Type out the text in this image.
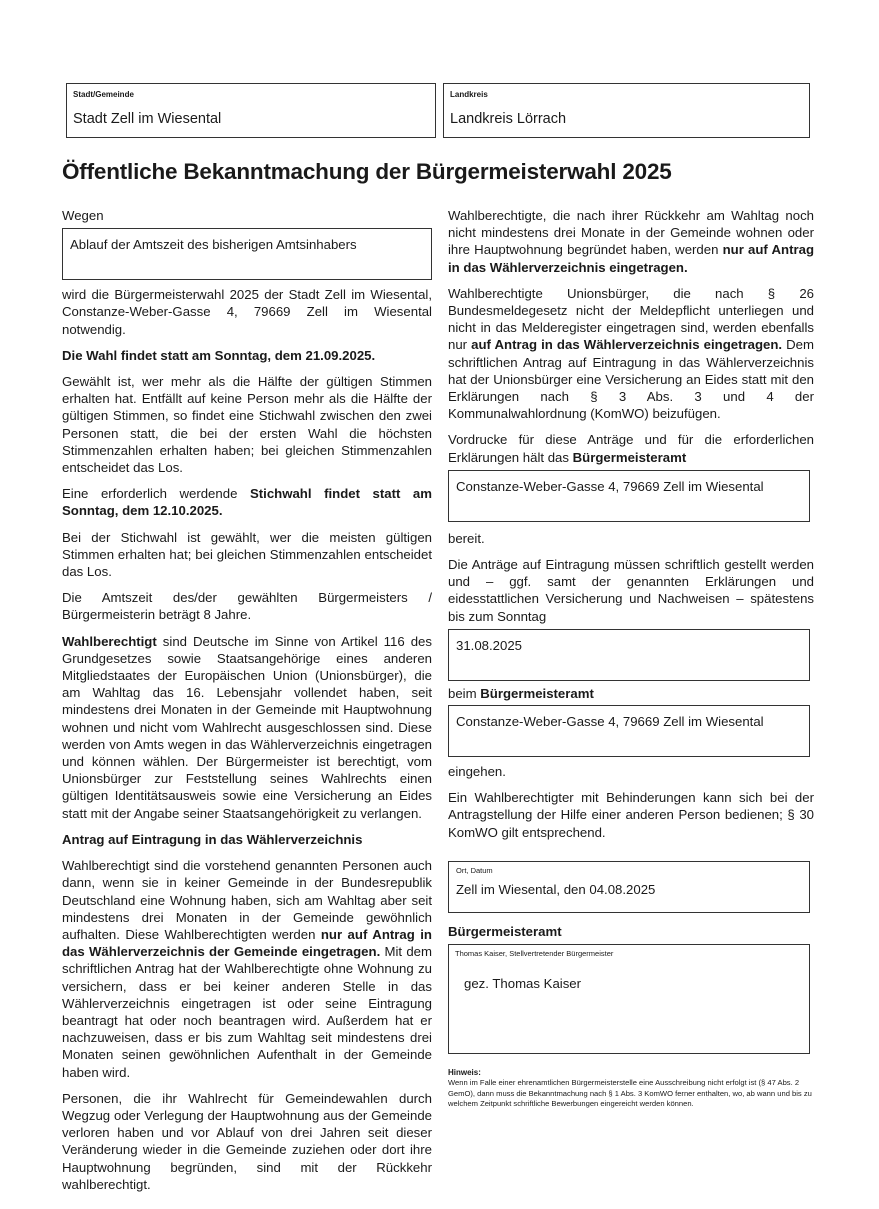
Stadt/Gemeinde
Stadt Zell im Wiesental
Landkreis
Landkreis Lörrach
Öffentliche Bekanntmachung der Bürgermeisterwahl 2025

Wegen

Ablauf der Amtszeit des bisherigen Amtsinhabers

wird die Bürgermeisterwahl 2025 der Stadt Zell im Wiesental, Constanze-Weber-Gasse 4, 79669 Zell im Wiesental notwendig.

Die Wahl findet statt am Sonntag, dem 21.09.2025.

Gewählt ist, wer mehr als die Hälfte der gültigen Stimmen erhalten hat. Entfällt auf keine Person mehr als die Hälfte der gültigen Stimmen, so findet eine Stichwahl zwischen den zwei Personen statt, die bei der ersten Wahl die höchsten Stimmenzahlen erhalten haben; bei gleichen Stimmenzahlen entscheidet das Los.

Eine erforderlich werdende Stichwahl findet statt am Sonntag, dem 12.10.2025.

Bei der Stichwahl ist gewählt, wer die meisten gültigen Stimmen erhalten hat; bei gleichen Stimmenzahlen entscheidet das Los.

Die Amtszeit des/der gewählten Bürgermeisters / Bürgermeisterin beträgt 8 Jahre.

Wahlberechtigt sind Deutsche im Sinne von Artikel 116 des Grundgesetzes sowie Staatsangehörige eines anderen Mitgliedstaates der Europäischen Union (Unionsbürger), die am Wahltag das 16. Lebensjahr vollendet haben, seit mindestens drei Monaten in der Gemeinde mit Hauptwohnung wohnen und nicht vom Wahlrecht ausgeschlossen sind. Diese werden von Amts wegen in das Wählerverzeichnis eingetragen und können wählen. Der Bürgermeister ist berechtigt, vom Unionsbürger zur Feststellung seines Wahlrechts einen gültigen Identitätsausweis sowie eine Versicherung an Eides statt mit der Angabe seiner Staatsangehörigkeit zu verlangen.

Antrag auf Eintragung in das Wählerverzeichnis

Wahlberechtigt sind die vorstehend genannten Personen auch dann, wenn sie in keiner Gemeinde in der Bundesrepublik Deutschland eine Wohnung haben, sich am Wahltag aber seit mindestens drei Monaten in der Gemeinde gewöhnlich aufhalten. Diese Wahlberechtigten werden nur auf Antrag in das Wählerverzeichnis der Gemeinde eingetragen. Mit dem schriftlichen Antrag hat der Wahlberechtigte ohne Wohnung zu versichern, dass er bei keiner anderen Stelle in das Wählerverzeichnis eingetragen ist oder seine Eintragung beantragt hat oder noch beantragen wird. Außerdem hat er nachzuweisen, dass er bis zum Wahltag seit mindestens drei Monaten seinen gewöhnlichen Aufenthalt in der Gemeinde haben wird.

Personen, die ihr Wahlrecht für Gemeindewahlen durch Wegzug oder Verlegung der Hauptwohnung aus der Gemeinde verloren haben und vor Ablauf von drei Jahren seit dieser Veränderung wieder in die Gemeinde zuziehen oder dort ihre Hauptwohnung begründen, sind mit der Rückkehr wahlberechtigt.

Wahlberechtigte, die nach ihrer Rückkehr am Wahltag noch nicht mindestens drei Monate in der Gemeinde wohnen oder ihre Hauptwohnung begründet haben, werden nur auf Antrag in das Wählerverzeichnis eingetragen.

Wahlberechtigte Unionsbürger, die nach § 26 Bundesmeldegesetz nicht der Meldepflicht unterliegen und nicht in das Melderegister eingetragen sind, werden ebenfalls nur auf Antrag in das Wählerverzeichnis eingetragen. Dem schriftlichen Antrag auf Eintragung in das Wählerverzeichnis hat der Unionsbürger eine Versicherung an Eides statt mit den Erklärungen nach § 3 Abs. 3 und 4 der Kommunalwahlordnung (KomWO) beizufügen.

Vordrucke für diese Anträge und für die erforderlichen Erklärungen hält das Bürgermeisteramt

Constanze-Weber-Gasse 4, 79669 Zell im Wiesental

bereit.

Die Anträge auf Eintragung müssen schriftlich gestellt werden und – ggf. samt der genannten Erklärungen und eidesstattlichen Versicherung und Nachweisen – spätestens bis zum Sonntag

31.08.2025

beim Bürgermeisteramt

Constanze-Weber-Gasse 4, 79669 Zell im Wiesental

eingehen.

Ein Wahlberechtigter mit Behinderungen kann sich bei der Antragstellung der Hilfe einer anderen Person bedienen; § 30 KomWO gilt entsprechend.

Ort, Datum
Zell im Wiesental, den 04.08.2025
Bürgermeisteramt
Thomas Kaiser, Stellvertretender Bürgermeister
gez. Thomas Kaiser
Hinweis:
Wenn im Falle einer ehrenamtlichen Bürgermeisterstelle eine Ausschreibung nicht erfolgt ist (§ 47 Abs. 2 GemO), dann muss die Bekanntmachung nach § 1 Abs. 3 KomWO ferner enthalten, wo, ab wann und bis zu welchem Zeitpunkt schriftliche Bewerbungen eingereicht werden können.
